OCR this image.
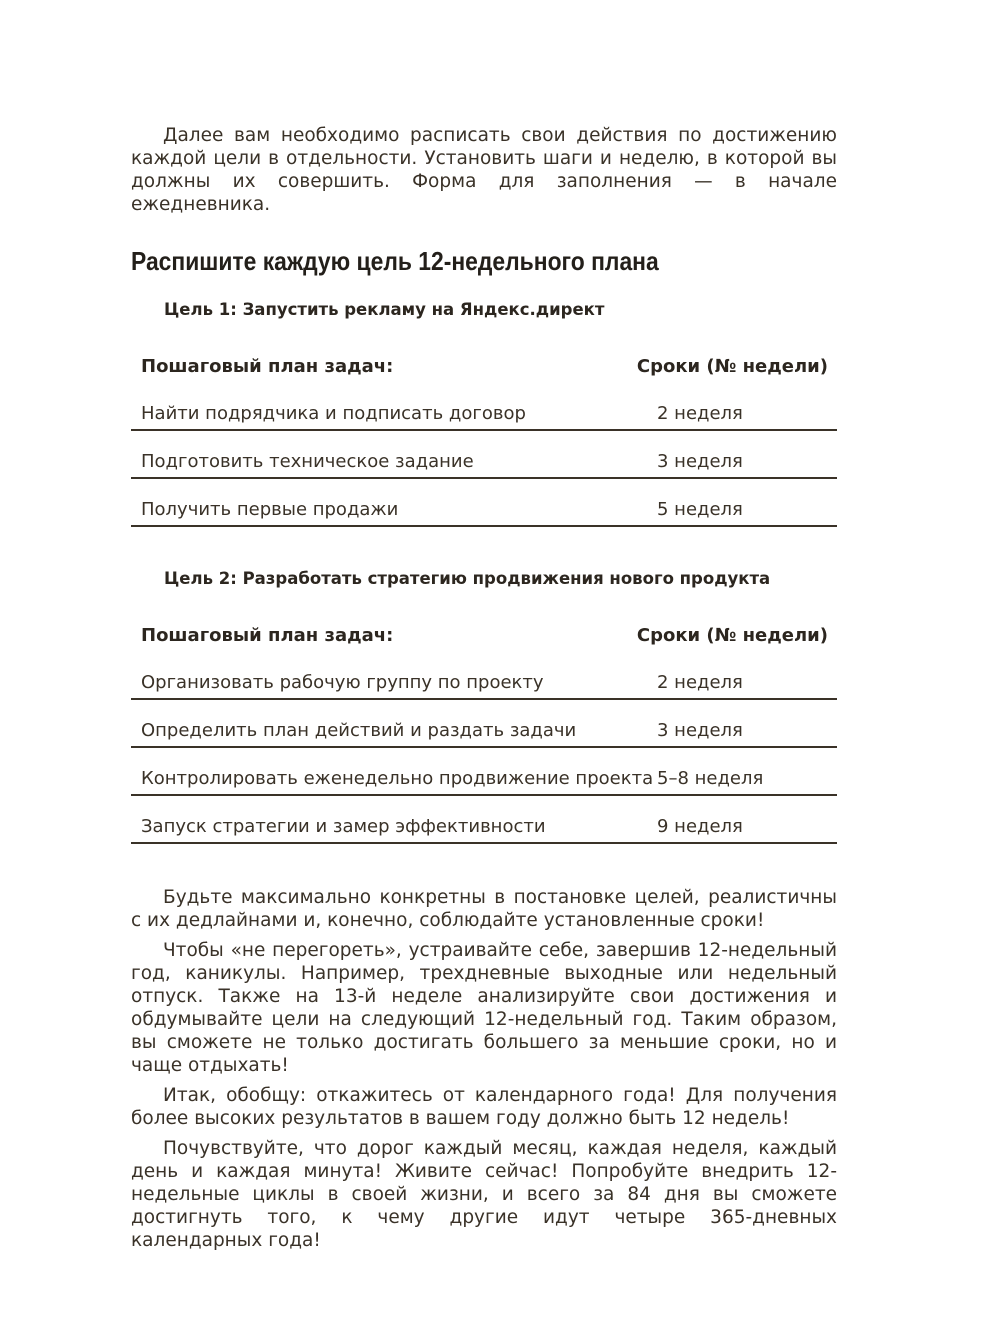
Далее вам необходимо расписать свои действия по достижению каждой цели в отдельности. Установить шаги и неделю, в которой вы должны их совершить. Форма для заполнения — в начале ежедневника.

Распишите каждую цель 12-недельного плана
Цель 1: Запустить рекламу на Яндекс.директ
Пошаговый план задач:	Сроки (№ недели)
Найти подрядчика и подписать договор	2 неделя
Подготовить техническое задание	3 неделя
Получить первые продажи	5 неделя
Цель 2: Разработать стратегию продвижения нового продукта
Пошаговый план задач:	Сроки (№ недели)
Организовать рабочую группу по проекту	2 неделя
Определить план действий и раздать задачи	3 неделя
Контролировать еженедельно продвижение проекта 5–8 неделя
Запуск стратегии и замер эффективности	9 неделя

Будьте максимально конкретны в постановке целей, реалистичны с их дедлайнами и, конечно, соблюдайте установленные сроки!

Чтобы «не перегореть», устраивайте себе, завершив 12-недельный год, каникулы. Например, трехдневные выходные или недельный отпуск. Также на 13-й неделе анализируйте свои достижения и обдумывайте цели на следующий 12-недельный год. Таким образом, вы сможете не только достигать большего за меньшие сроки, но и чаще отдыхать!

Итак, обобщу: откажитесь от календарного года! Для получения более высоких результатов в вашем году должно быть 12 недель!

Почувствуйте, что дорог каждый месяц, каждая неделя, каждый день и каждая минута! Живите сейчас! Попробуйте внедрить 12-недельные циклы в своей жизни, и всего за 84 дня вы сможете достигнуть того, к чему другие идут четыре 365-дневных календарных года!
